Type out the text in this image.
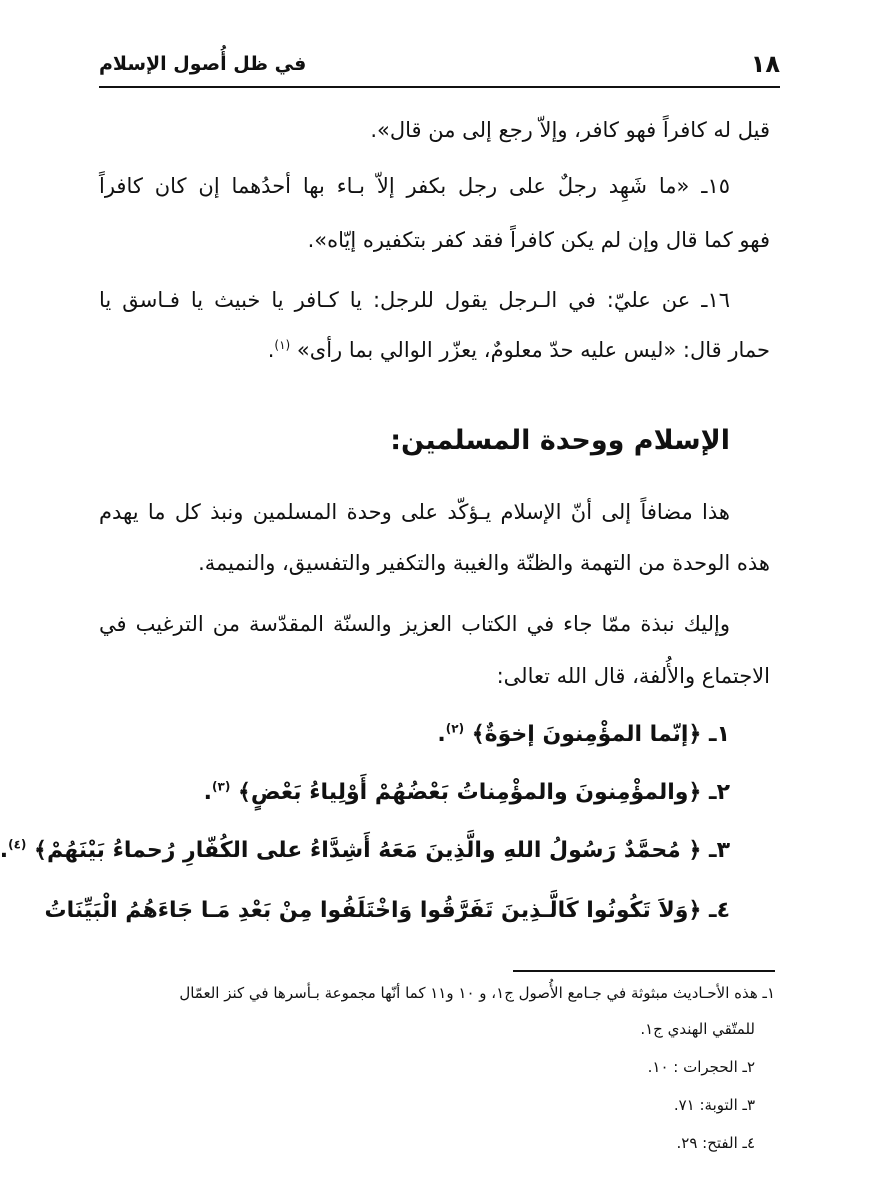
١٨
في ظل أُصول الإسلام
قيل له كافراً فهو كافر، وإلاّ رجع إلى من قال».
١٥ـ «ما شَهِد رجلٌ على رجل بكفر إلاّ بـاء بها أحدُهما إن كان كافراً
فهو كما قال وإن لم يكن كافراً فقد كفر بتكفيره إيّاه».
١٦ـ عن عليّ: في الـرجل يقول للرجل: يا كـافر يا خبيث يا فـاسق يا
حمار قال: «ليس عليه حدّ معلومٌ، يعزّر الوالي بما رأى» $^{(١)}$.
الإسلام ووحدة المسلمين:
هذا مضافاً إلى أنّ الإسلام يـؤكّد على وحدة المسلمين ونبذ كل ما يهدم
هذه الوحدة من التهمة والظنّة والغيبة والتكفير والتفسيق، والنميمة.
وإليك نبذة ممّا جاء في الكتاب العزيز والسنّة المقدّسة من الترغيب في
الاجتماع والأُلفة، قال الله تعالى:
١ـ ﴿إنّما المؤْمِنونَ إخوَةٌ﴾ $^{(٢)}$.
٢ـ ﴿والمؤْمِنونَ والمؤْمِناتُ بَعْضُهُمْ أَوْلِياءُ بَعْضٍ﴾ $^{(٣)}$.
٣ـ ﴿ مُحمَّدٌ رَسُولُ اللهِ والَّذِينَ مَعَهُ أَشِدَّاءُ على الكُفّارِ رُحماءُ بَيْنَهُمْ﴾ $^{(٤)}$.
٤ـ ﴿وَلاَ تَكُونُوا كَالَّـذِينَ تَفَرَّقُوا وَاخْتَلَفُوا مِنْ بَعْدِ مَـا جَاءَهُمُ الْبَيِّنَاتُ
١ـ هذه الأحـاديث مبثوثة في جـامع الأُصول ج١، و ١٠ و١١ كما أنّها مجموعة بـأسرها في كنز العمّال
للمتّقي الهندي ج١.
٢ـ الحجرات : ١٠.
٣ـ التوبة: ٧١.
٤ـ الفتح: ٢٩.
